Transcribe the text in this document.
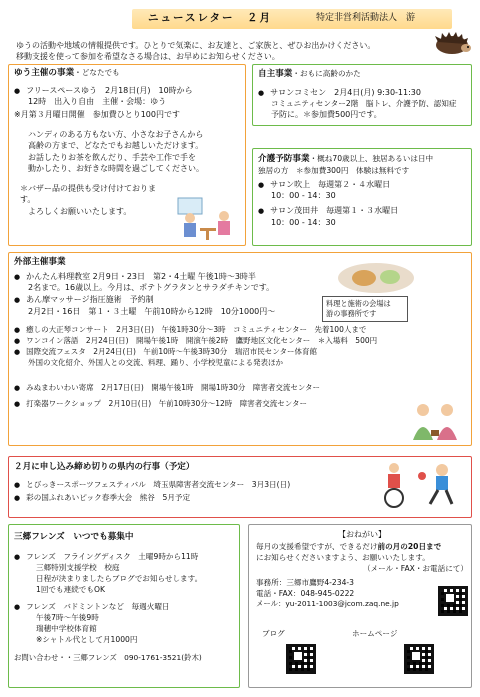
ニュースレター　２月	特定非営利活動法人　游
ゆうの活動や地域の情報提供です。ひとりで気楽に、お友達と、ご家族と、ぜひお出かけください。
移動支援を使って参加を希望なさる場合は、お早めにお知らせください。
ゆう主催の事業・どなたでも
● フリースペースゆう　2月18日(月)　10時から
12時　出入り自由　主催・会場：ゆう
※月第３月曜日開催　参加費ひとり100円です
ハンディのある方もない方、小さなお子さんから
高齢の方まで、どなたでもお越しいただけます。
お話したりお茶を飲んだり、手芸や工作で手を
動かしたり、お好きな時間を過ごしてください。
＊バザー品の提供も受け付けております。
よろしくお願いいたします。
自主事業・おもに高齢のかた
● サロンコミセン　2月4日(月) 9:30-11:30
コミュニティセンター2階　脳トレ、介護予防、認知症
予防に。＊参加費500円です。
介護予防事業・概ね70歳以上、独居あるいは日中
独居の方　＊参加費300円　体験は無料です
● サロン吹上　毎週第２・４水曜日
10：00 - 14：30
● サロン茂田井　毎週第１・３水曜日
10：00 - 14：30
外部主催事業
● かんたん料理教室 2月9日・23日　第2・4土曜 午後1時～3時半
2名まで。16歳以上。今月は、ポテトグラタンとサラダチキンです。
● あん摩マッサージ指圧施術　予約制
2月2日・16日　第１・３土曜　午前10時から12時　10分1000円～
● 癒しの大正琴コンサート　2月3日(日)　午後1時30分～3時　コミュニティセンター　先着100人まで
● ワンコイン落語　2月24日(日)　開場午後1時　開演午後2時　鷹野地区文化センター　＊入場料　500円
● 国際交流フェスタ　2月24日(日)　午前10時～午後3時30分　瑞沼市民センター体育館
外国の文化紹介、外国人との交流、料理、踊り、小学校児童による発表ほか
● みぬまわいわい寄席　2月17日(日)　開場午後1時　開場1時30分　障害者交流センター
● 打楽器ワークショップ　2月10日(日)　午前10時30分～12時　障害者交流センター
料理と施術の会場は
游の事務所です
２月に申し込み締め切りの県内の行事（予定）
● とびっきースポーツフェスティバル　埼玉県障害者交流センター　3月3日(日)
● 彩の国ふれあいピック春季大会　熊谷　5月予定
三郷フレンズ　いつでも募集中
● フレンズ　フライングディスク　土曜9時から11時
三郷特別支援学校　校庭
日程が決まりましたらブログでお知らせします。
1回でも連続でもOK
● フレンズ　バドミントンなど　毎週火曜日
午後7時～午後9時
瑞穂中学校体育館
※シャトル代として月1000円
お問い合わせ・・三郷フレンズ　090-1761-3521(鈴木)
【おねがい】
毎月の支援希望ですが、できるだけ前の月の20日まで
にお知らせくださいますよう、お願いいたします。
（メール・FAX・お電話にて）
事務所：三郷市鷹野4-234-3
電話・FAX：048-945-0222
メール：yu-2011-1003@jcom.zaq.ne.jp
ブログ	ホームページ
